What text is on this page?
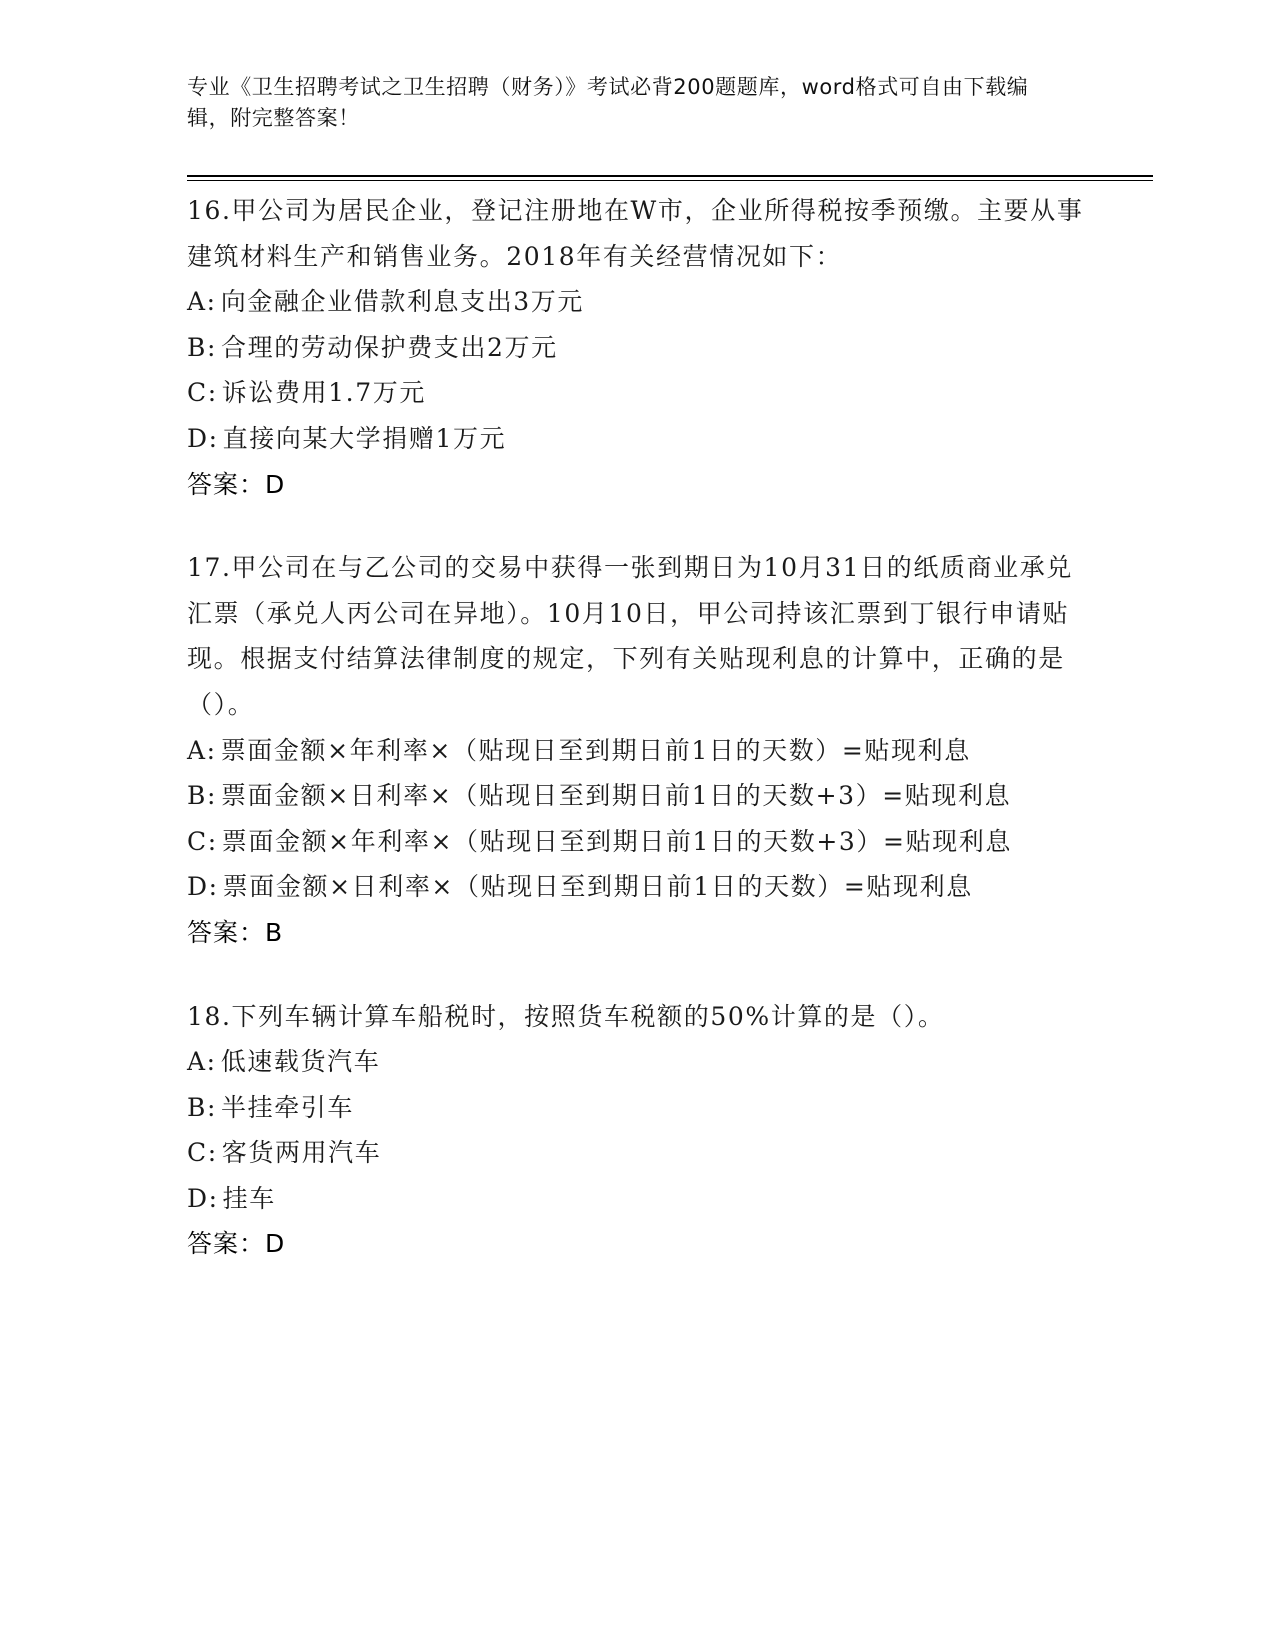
专业《卫生招聘考试之卫生招聘（财务）》考试必背200题题库，word格式可自由下载编辑，附完整答案！
16.甲公司为居民企业，登记注册地在W市，企业所得税按季预缴。主要从事建筑材料生产和销售业务。2018年有关经营情况如下：
A: 向金融企业借款利息支出3万元
B: 合理的劳动保护费支出2万元
C: 诉讼费用1.7万元
D: 直接向某大学捐赠1万元
答案：D
17.甲公司在与乙公司的交易中获得一张到期日为10月31日的纸质商业承兑汇票（承兑人丙公司在异地）。10月10日，甲公司持该汇票到丁银行申请贴现。根据支付结算法律制度的规定，下列有关贴现利息的计算中，正确的是（）。
A: 票面金额×年利率×（贴现日至到期日前1日的天数）=贴现利息
B: 票面金额×日利率×（贴现日至到期日前1日的天数+3）=贴现利息
C: 票面金额×年利率×（贴现日至到期日前1日的天数+3）=贴现利息
D: 票面金额×日利率×（贴现日至到期日前1日的天数）=贴现利息
答案：B
18.下列车辆计算车船税时，按照货车税额的50%计算的是（）。
A: 低速载货汽车
B: 半挂牵引车
C: 客货两用汽车
D: 挂车
答案：D
